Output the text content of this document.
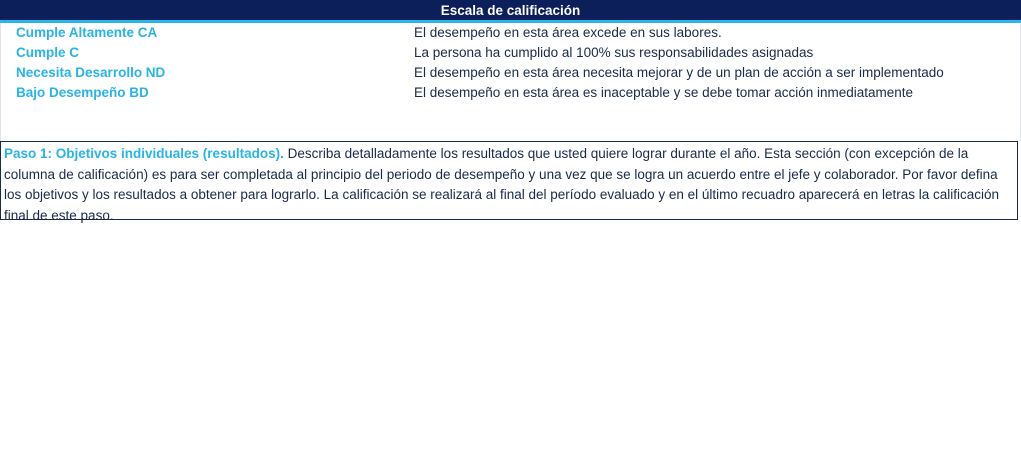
Escala de calificación
Cumple Altamente CA	El desempeño en esta área excede en sus labores.
Cumple C	La persona ha cumplido al 100% sus responsabilidades asignadas
Necesita Desarrollo ND	El desempeño en esta área necesita mejorar y de un plan de acción a ser implementado
Bajo Desempeño BD	El desempeño en esta área es inaceptable y se debe tomar acción inmediatamente
Paso 1: Objetivos individuales (resultados). Describa detalladamente los resultados que usted quiere lograr durante el año. Esta sección (con excepción de la columna de calificación) es para ser completada al principio del periodo de desempeño y una vez que se logra un acuerdo entre el jefe y colaborador. Por favor defina los objetivos y los resultados a obtener para lograrlo. La calificación se realizará al final del período evaluado y en el último recuadro aparecerá en letras la calificación final de este paso.
